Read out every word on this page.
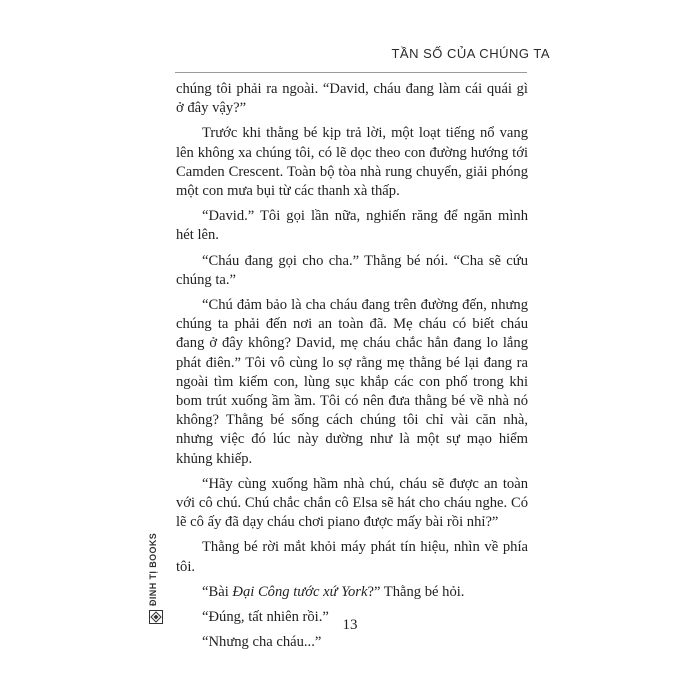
TẦN SỐ CỦA CHÚNG TA

chúng tôi phải ra ngoài. “David, cháu đang làm cái quái gì ở đây vậy?”

Trước khi thằng bé kịp trả lời, một loạt tiếng nổ vang lên không xa chúng tôi, có lẽ dọc theo con đường hướng tới Camden Crescent. Toàn bộ tòa nhà rung chuyển, giải phóng một con mưa bụi từ các thanh xà thấp.

“David.” Tôi gọi lần nữa, nghiến răng để ngăn mình hét lên.

“Cháu đang gọi cho cha.” Thằng bé nói. “Cha sẽ cứu chúng ta.”

“Chú đảm bảo là cha cháu đang trên đường đến, nhưng chúng ta phải đến nơi an toàn đã. Mẹ cháu có biết cháu đang ở đây không? David, mẹ cháu chắc hẳn đang lo lắng phát điên.” Tôi vô cùng lo sợ rằng mẹ thằng bé lại đang ra ngoài tìm kiếm con, lùng sục khắp các con phố trong khi bom trút xuống ầm ầm. Tôi có nên đưa thằng bé về nhà nó không? Thằng bé sống cách chúng tôi chỉ vài căn nhà, nhưng việc đó lúc này dường như là một sự mạo hiểm khủng khiếp.

“Hãy cùng xuống hầm nhà chú, cháu sẽ được an toàn với cô chú. Chú chắc chắn cô Elsa sẽ hát cho cháu nghe. Có lẽ cô ấy đã dạy cháu chơi piano được mấy bài rồi nhỉ?”

Thằng bé rời mắt khỏi máy phát tín hiệu, nhìn về phía tôi.

“Bài Đại Công tước xứ York?” Thằng bé hỏi.

“Đúng, tất nhiên rồi.”

“Nhưng cha cháu...”

ĐINH TỊ BOOKS
13
